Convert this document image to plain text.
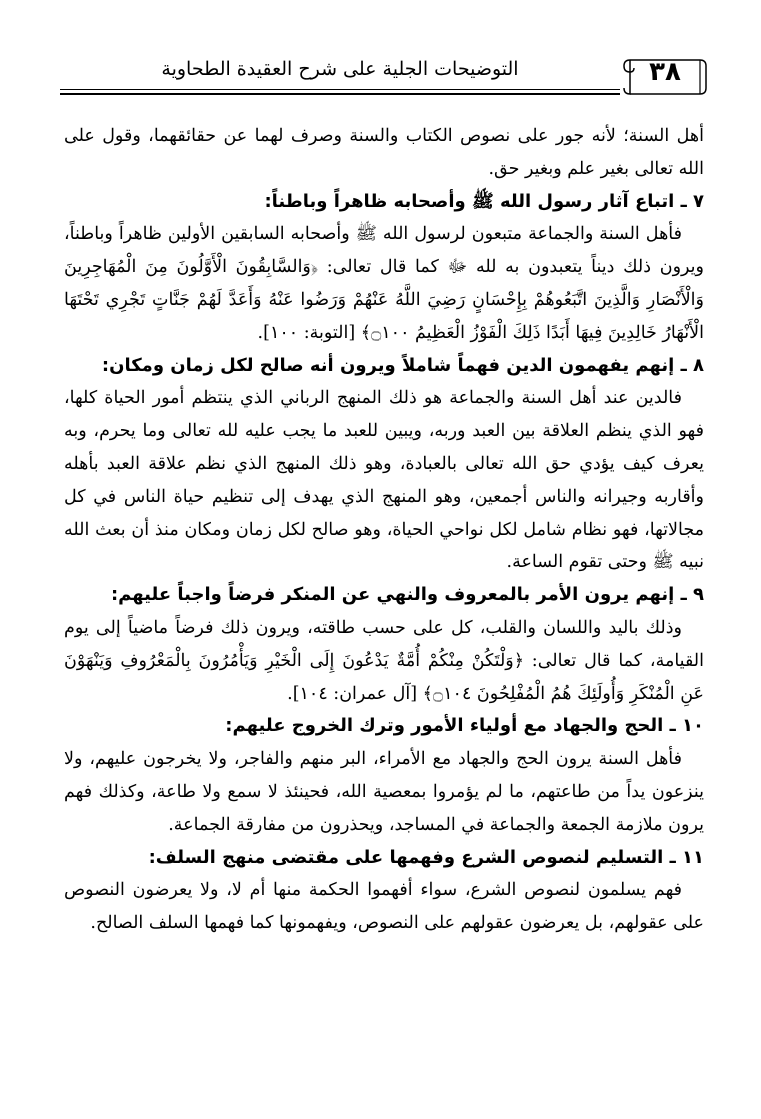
التوضيحات الجلية على شرح العقيدة الطحاوية	٣٨

أهل السنة؛ لأنه جور على نصوص الكتاب والسنة وصرف لهما عن حقائقهما، وقول على الله تعالى بغير علم وبغير حق.

٧ ـ اتباع آثار رسول الله ﷺ وأصحابه ظاهراً وباطناً:

فأهل السنة والجماعة متبعون لرسول الله ﷺ وأصحابه السابقين الأولين ظاهراً وباطناً، ويرون ذلك ديناً يتعبدون به لله ﷻ كما قال تعالى: ﴿وَالسَّابِقُونَ الْأَوَّلُونَ مِنَ الْمُهَاجِرِينَ وَالْأَنْصَارِ وَالَّذِينَ اتَّبَعُوهُمْ بِإِحْسَانٍ رَضِيَ اللَّهُ عَنْهُمْ وَرَضُوا عَنْهُ وَأَعَدَّ لَهُمْ جَنَّاتٍ تَجْرِي تَحْتَهَا الْأَنْهَارُ خَالِدِينَ فِيهَا أَبَدًا ذَلِكَ الْفَوْزُ الْعَظِيمُ ۝١٠٠﴾ [التوبة: ١٠٠].

٨ ـ إنهم يفهمون الدين فهماً شاملاً ويرون أنه صالح لكل زمان ومكان:

فالدين عند أهل السنة والجماعة هو ذلك المنهج الرباني الذي ينتظم أمور الحياة كلها، فهو الذي ينظم العلاقة بين العبد وربه، ويبين للعبد ما يجب عليه لله تعالى وما يحرم، وبه يعرف كيف يؤدي حق الله تعالى بالعبادة، وهو ذلك المنهج الذي نظم علاقة العبد بأهله وأقاربه وجيرانه والناس أجمعين، وهو المنهج الذي يهدف إلى تنظيم حياة الناس في كل مجالاتها، فهو نظام شامل لكل نواحي الحياة، وهو صالح لكل زمان ومكان منذ أن بعث الله نبيه ﷺ وحتى تقوم الساعة.

٩ ـ إنهم يرون الأمر بالمعروف والنهي عن المنكر فرضاً واجباً عليهم:

وذلك باليد واللسان والقلب، كل على حسب طاقته، ويرون ذلك فرضاً ماضياً إلى يوم القيامة، كما قال تعالى: ﴿وَلْتَكُنْ مِنْكُمْ أُمَّةٌ يَدْعُونَ إِلَى الْخَيْرِ وَيَأْمُرُونَ بِالْمَعْرُوفِ وَيَنْهَوْنَ عَنِ الْمُنْكَرِ وَأُولَئِكَ هُمُ الْمُفْلِحُونَ ۝١٠٤﴾ [آل عمران: ١٠٤].

١٠ ـ الحج والجهاد مع أولياء الأمور وترك الخروج عليهم:

فأهل السنة يرون الحج والجهاد مع الأمراء، البر منهم والفاجر، ولا يخرجون عليهم، ولا ينزعون يداً من طاعتهم، ما لم يؤمروا بمعصية الله، فحينئذ لا سمع ولا طاعة، وكذلك فهم يرون ملازمة الجمعة والجماعة في المساجد، ويحذرون من مفارقة الجماعة.

١١ ـ التسليم لنصوص الشرع وفهمها على مقتضى منهج السلف:

فهم يسلمون لنصوص الشرع، سواء أفهموا الحكمة منها أم لا، ولا يعرضون النصوص على عقولهم، بل يعرضون عقولهم على النصوص، ويفهمونها كما فهمها السلف الصالح.
